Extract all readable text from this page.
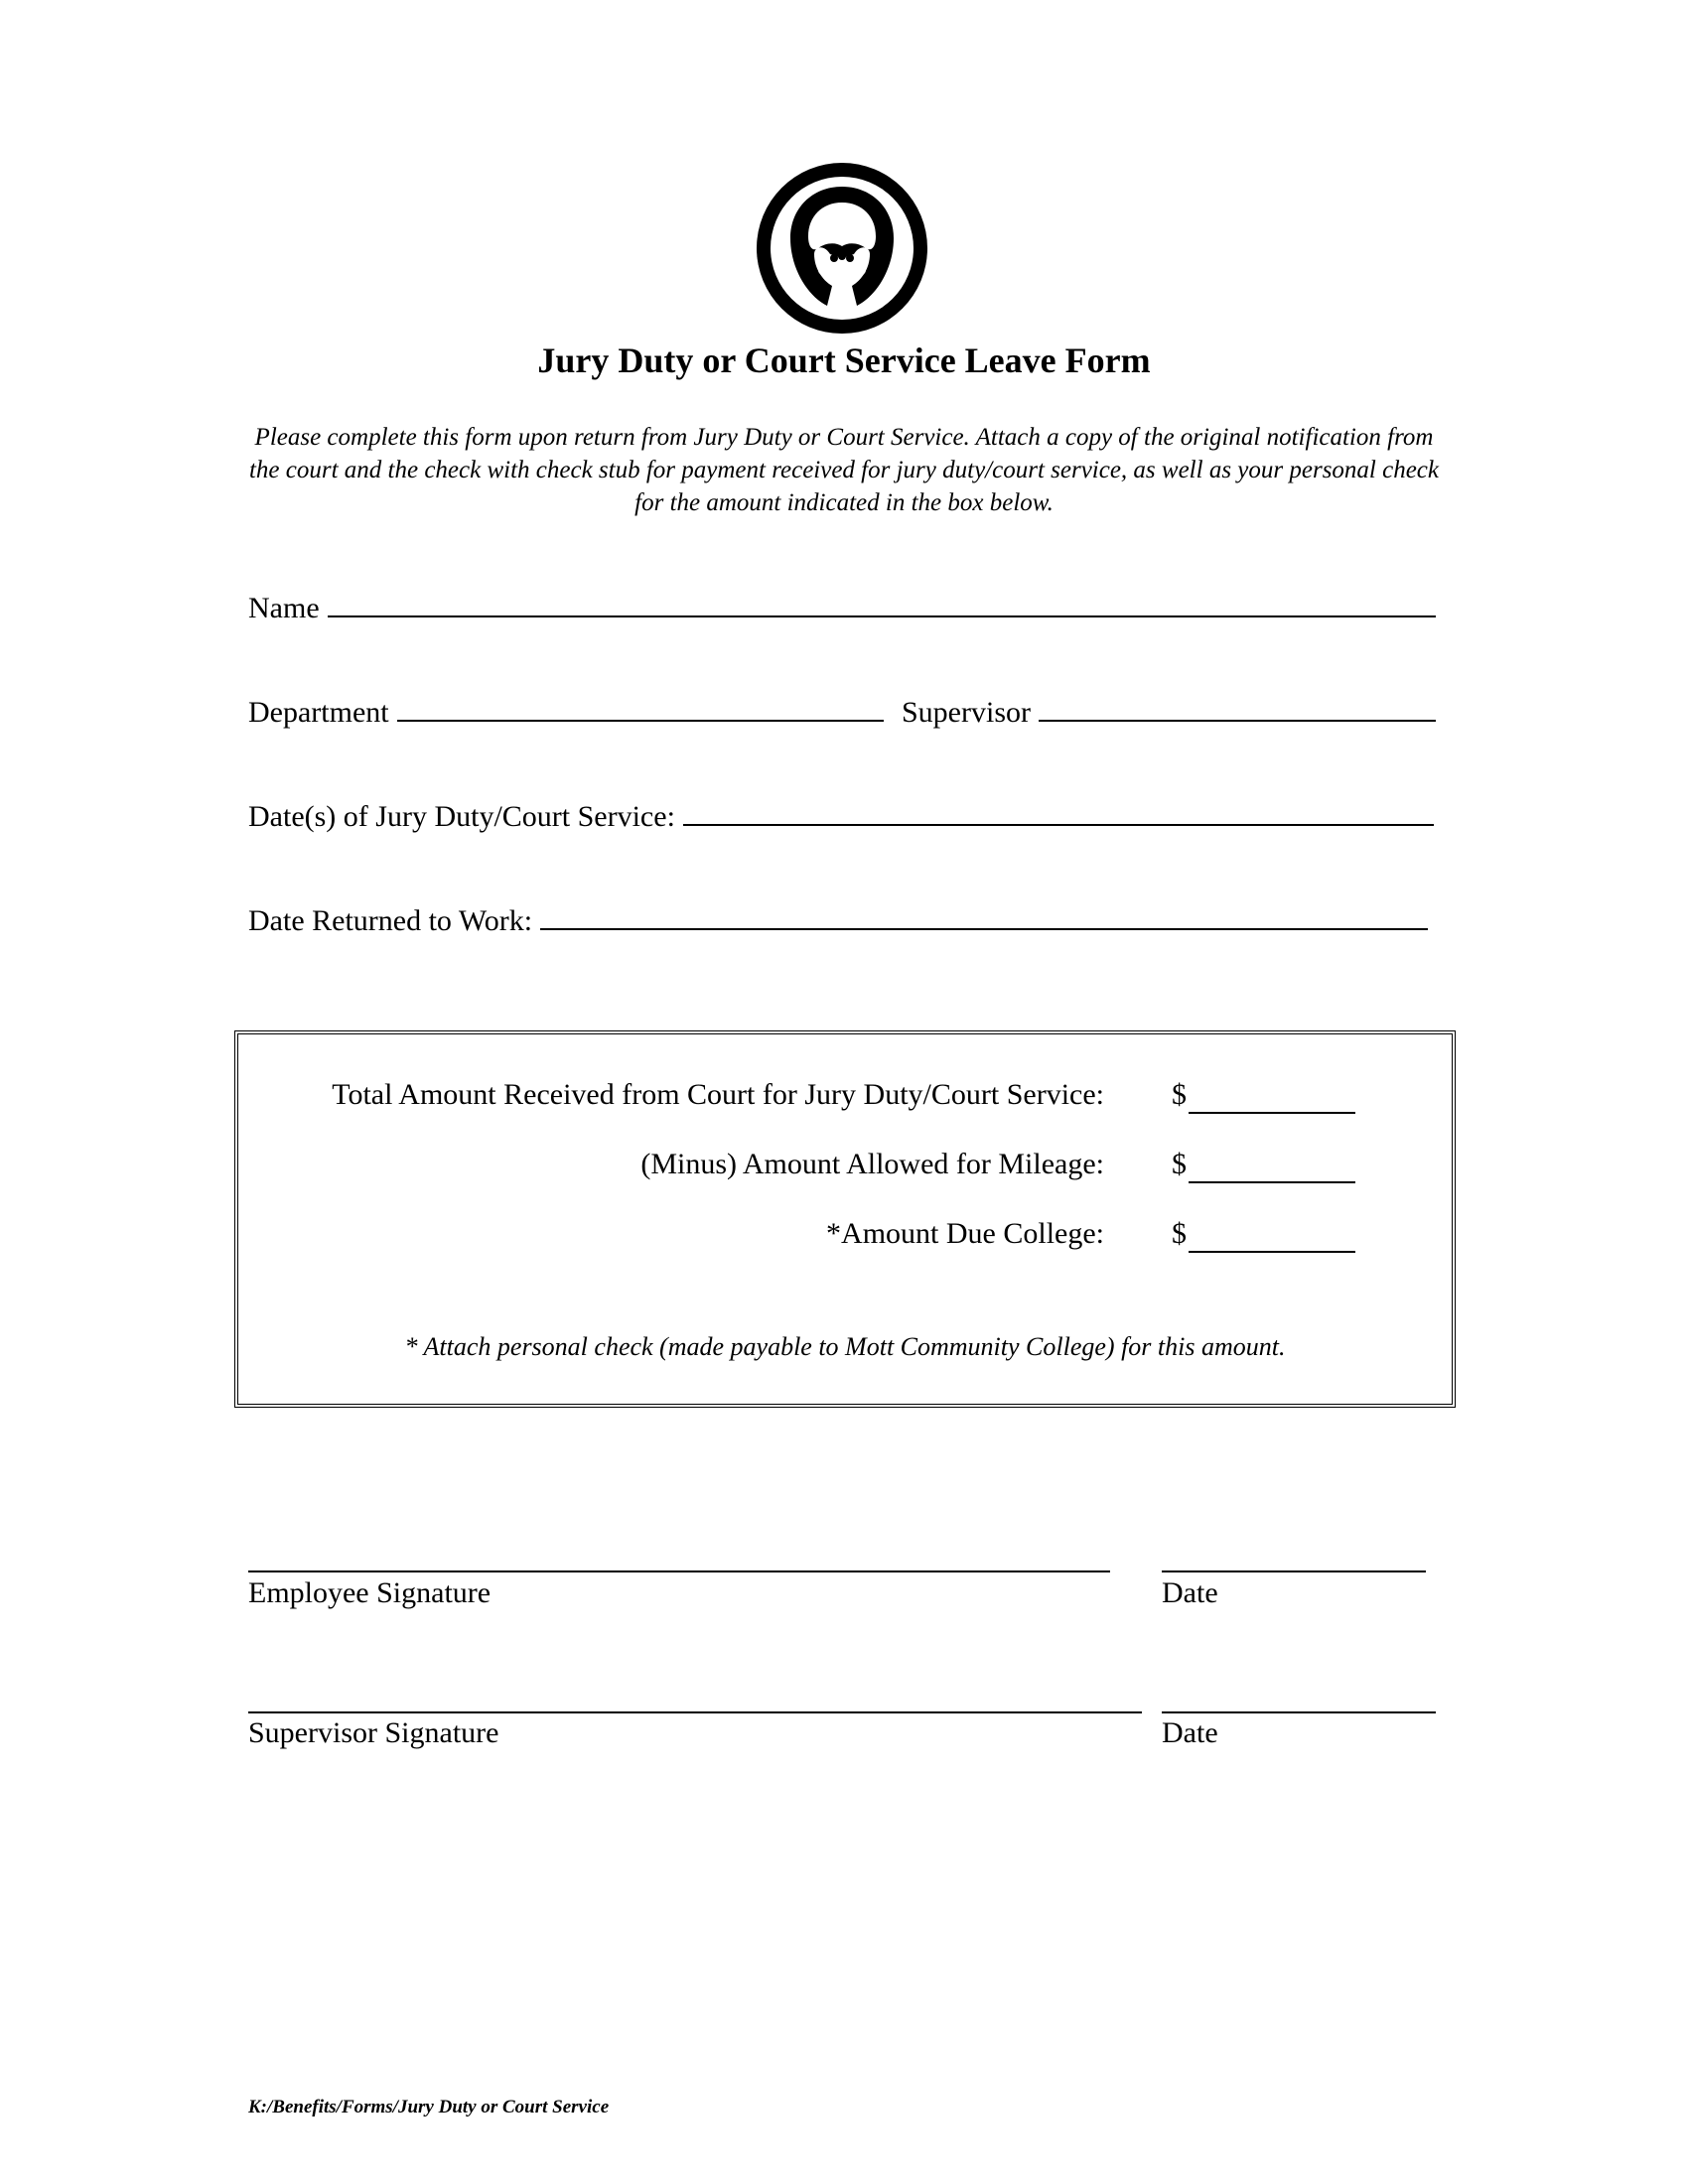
Jury Duty or Court Service Leave Form
Please complete this form upon return from Jury Duty or Court Service. Attach a copy of the original notification from the court and the check with check stub for payment received for jury duty/court service, as well as your personal check for the amount indicated in the box below.
Name
Department	Supervisor
Date(s) of Jury Duty/Court Service:
Date Returned to Work:
Total Amount Received from Court for Jury Duty/Court Service: $

(Minus) Amount Allowed for Mileage: $

*Amount Due College: $

* Attach personal check (made payable to Mott Community College) for this amount.
Employee Signature	Date
Supervisor Signature	Date
K:/Benefits/Forms/Jury Duty or Court Service
